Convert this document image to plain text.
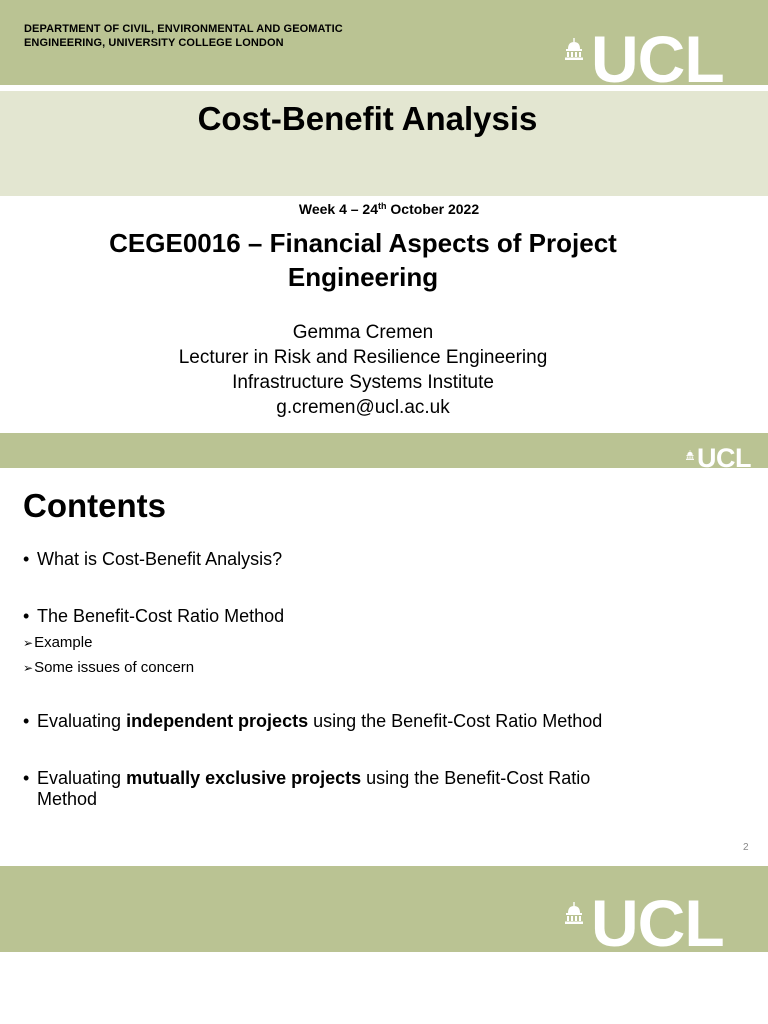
DEPARTMENT OF CIVIL, ENVIRONMENTAL AND GEOMATIC
ENGINEERING, UNIVERSITY COLLEGE LONDON	UCL
Cost-Benefit Analysis
Week 4 – 24th October 2022
CEGE0016 – Financial Aspects of Project Engineering
Gemma Cremen
Lecturer in Risk and Resilience Engineering
Infrastructure Systems Institute
g.cremen@ucl.ac.uk
UCL
Contents
• What is Cost-Benefit Analysis?
• The Benefit-Cost Ratio Method
➢Example
➢Some issues of concern
• Evaluating independent projects using the Benefit-Cost Ratio Method
• Evaluating mutually exclusive projects using the Benefit-Cost Ratio Method
2
UCL
